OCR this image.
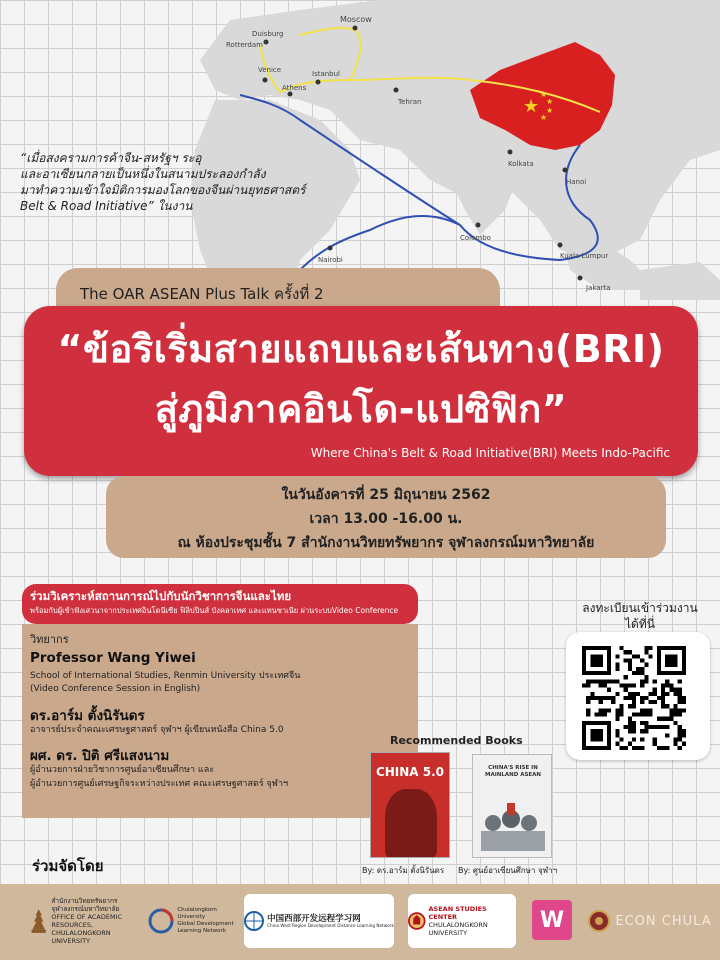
★
★
★
★
★
Moscow
Duisburg
Rotterdam
Venice	Istanbul
Athens
Tehran
Kolkata
Hanoi
Colombo
Nairobi	Kuala Lumpur
Jakarta
“เมื่อสงครามการค้าจีน-สหรัฐฯ ระอุ
และอาเซียนกลายเป็นหนึ่งในสนามประลองกำลัง
มาทำความเข้าใจมิติการมองโลกของจีนผ่านยุทธศาสตร์
Belt & Road Initiative” ในงาน
The OAR ASEAN Plus Talk ครั้งที่ 2
“ข้อริเริ่มสายแถบและเส้นทาง(BRI)
สู่ภูมิภาคอินโด-แปซิฟิก”
Where China's Belt & Road Initiative(BRI) Meets Indo-Pacific
ในวันอังคารที่ 25 มิถุนายน 2562
เวลา 13.00 -16.00 น.
ณ ห้องประชุมชั้น 7 สำนักงานวิทยทรัพยากร จุฬาลงกรณ์มหาวิทยาลัย
ร่วมวิเคราะห์สถานการณ์ไปกับนักวิชาการจีนและไทย
พร้อมกับผู้เข้าฟังเสวนาจากประเทศอินโดนีเซีย ฟิลิปปินส์ บังคลาเทศ และแทนซาเนีย ผ่านระบบVideo Conference
วิทยากร
Professor Wang Yiwei
School of International Studies, Renmin University ประเทศจีน
(Video Conference Session in English)
ดร.อาร์ม ตั้งนิรันดร
อาจารย์ประจำคณะเศรษฐศาสตร์ จุฬาฯ ผู้เขียนหนังสือ China 5.0
ผศ. ดร. ปิติ ศรีแสงนาม
ผู้อำนวยการฝ่ายวิชาการศูนย์อาเซียนศึกษา และ
ผู้อำนวยการศูนย์เศรษฐกิจระหว่างประเทศ คณะเศรษฐศาสตร์ จุฬาฯ
ลงทะเบียนเข้าร่วมงาน
ได้ที่นี่
Recommended Books
CHINA 5.0
By: ดร.อาร์ม ตั้งนิรันดร
CHINA'S RISE IN MAINLAND ASEAN
By: ศูนย์อาเซียนศึกษา จุฬาฯ
ร่วมจัดโดย
สำนักงานวิทยทรัพยากร
จุฬาลงกรณ์มหาวิทยาลัย
OFFICE OF ACADEMIC RESOURCES,
CHULALONGKORN UNIVERSITY
Chulalongkorn
University
Global Development
Learning Network
中国西部开发远程学习网
China West Region Development Distance Learning Network
ASEAN STUDIES CENTER
CHULALONGKORN UNIVERSITY
W	ECON CHULA
